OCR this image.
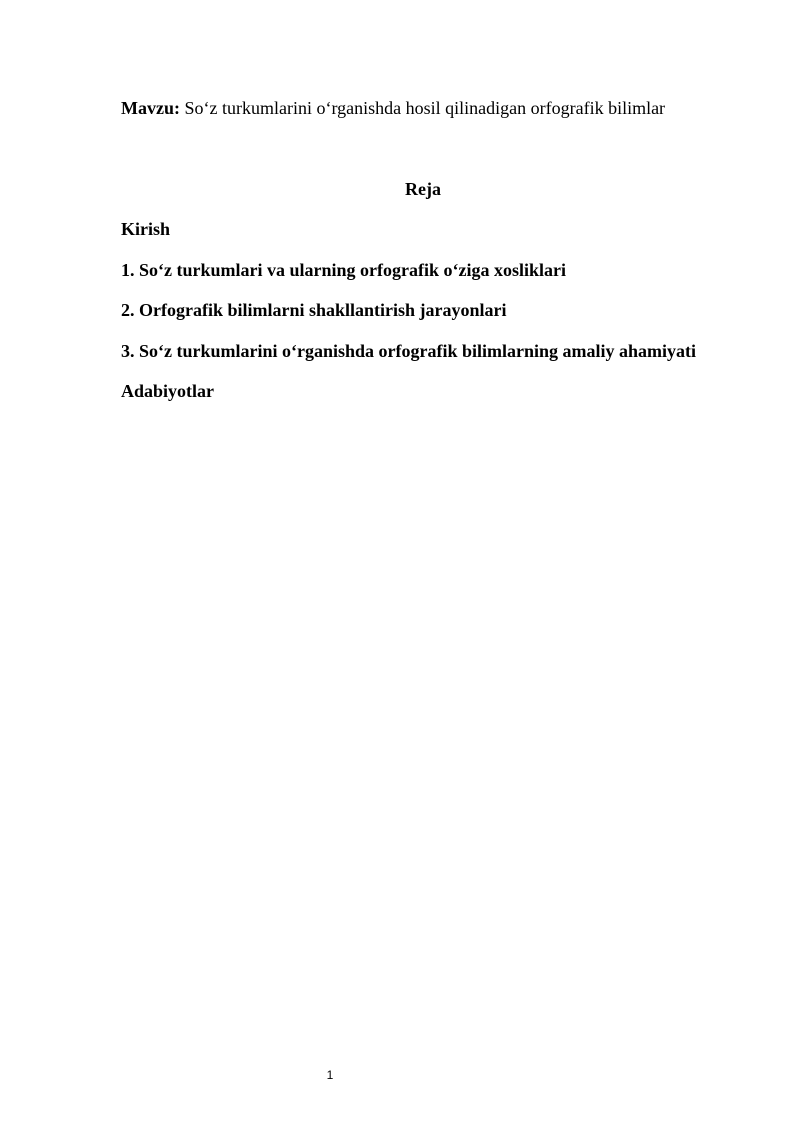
Mavzu: So‘z turkumlarini o‘rganishda hosil qilinadigan orfografik bilimlar
Reja
Kirish
1. So‘z turkumlari va ularning orfografik o‘ziga xosliklari
2. Orfografik bilimlarni shakllantirish jarayonlari
3. So‘z turkumlarini o‘rganishda orfografik bilimlarning amaliy ahamiyati
Adabiyotlar
1
